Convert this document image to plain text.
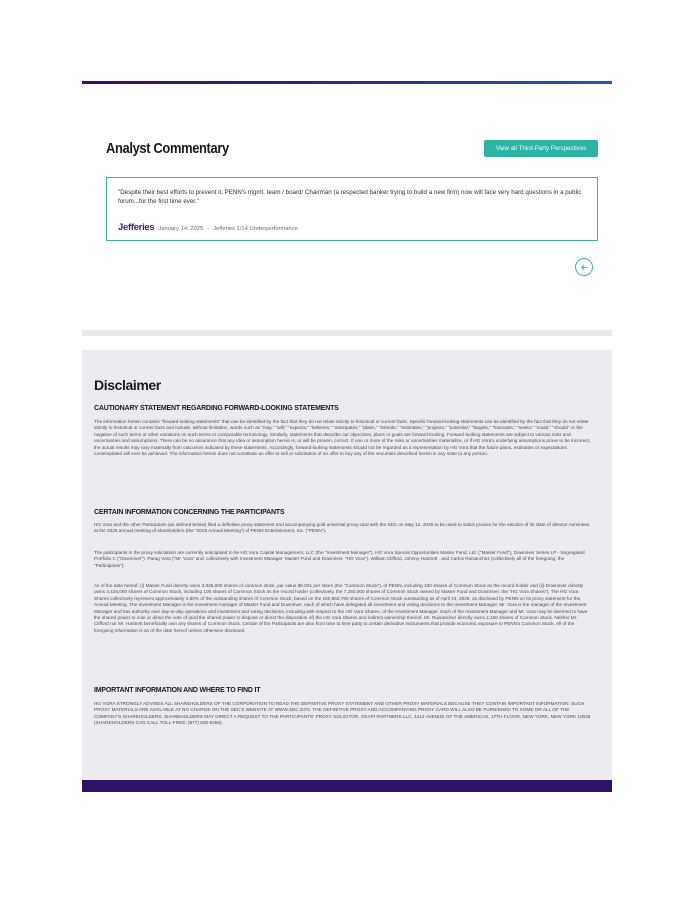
Analyst Commentary	View all Third-Party Perspectives

"Despite their best efforts to prevent it, PENN's mgmt. team / board/ Chairman (a respected banker trying to build a new firm) now will face very hard questions in a public forum...for the first time ever."

Jefferies January 14, 2025 - Jefferies 1/14 Underperformance
Disclaimer
CAUTIONARY STATEMENT REGARDING FORWARD-LOOKING STATEMENTS

The information herein contains "forward-looking statements" that can be identified by the fact that they do not relate strictly to historical or current facts. Specific forward-looking statements can be identified by the fact that they do not relate strictly to historical or current facts and include, without limitation, words such as "may," "will," "expects," "believes," "anticipates," "plans," "intends," "estimates," "projects," "potential," "targets," "forecasts," "seeks," "could," "should" or the negative of such terms or other variations on such terms or comparable terminology. Similarly, statements that describe our objectives, plans or goals are forward-looking. Forward-looking statements are subject to various risks and uncertainties and assumptions. There can be no assurance that any idea or assumption herein is, or will be proven, correct. If one or more of the risks or uncertainties materialize, or if HG Vora's underlying assumptions prove to be incorrect, the actual results may vary materially from outcomes indicated by these statements. Accordingly, forward-looking statements should not be regarded as a representation by HG Vora that the future plans, estimates or expectations contemplated will ever be achieved. The information herein does not constitute an offer to sell or solicitation of an offer to buy any of the securities described herein in any state to any person.

CERTAIN INFORMATION CONCERNING THE PARTICIPANTS

HG Vora and the other Participants (as defined below) filed a definitive proxy statement and accompanying gold universal proxy card with the SEC on May 12, 2025 to be used to solicit proxies for the election of its slate of director nominees at the 2025 annual meeting of shareholders (the "2025 Annual Meeting") of PENN Entertainment, Inc. ("PENN").

The participants in the proxy solicitation are currently anticipated to be HG Vora Capital Management, LLC (the "Investment Manager"), HG Vora Special Opportunities Master Fund, Ltd. ("Master Fund"), Downriver Series LP - Segregated Portfolio C ("Downriver"), Parag Vora ("Mr. Vora" and, collectively with Investment Manager, Master Fund and Downriver, "HG Vora"), William Clifford, Johnny Hartnett , and Carlos Ruisanchez (collectively all of the foregoing, the "Participants").

As of the date hereof, (i) Master Fund directly owns 3,825,000 shares of common stock, par value $0.001 per share (the "Common Stock"), of PENN, including 100 shares of Common Stock as the record holder and (ii) Downriver directly owns 3,425,000 shares of Common Stock, including 100 shares of Common Stock as the record holder (collectively, the 7,250,000 shares of Common Stock owned by Master Fund and Downriver, the "HG Vora Shares"). The HG Vora Shares collectively represent approximately 4.80% of the outstanding shares of Common Stock, based on the 150,852,769 shares of Common Stock outstanding as of April 24, 2025, as disclosed by PENN on its proxy statement for the Annual Meeting. The Investment Manager is the investment manager of Master Fund and Downriver, each of which have delegated all investment and voting decisions to the Investment Manager. Mr. Vora is the manager of the Investment Manager and has authority over day-to-day operations and investment and voting decisions, including with respect to the HG Vora Shares, of the Investment Manager. Each of the Investment Manager and Mr. Vora may be deemed to have the shared power to vote or direct the vote of (and the shared power to dispose or direct the disposition of) the HG Vora Shares and indirect ownership thereof. Mr. Ruisanchez directly owns 2,150 shares of Common Stock. Neither Mr. Clifford nor Mr. Hartnett beneficially own any shares of Common Stock. Certain of the Participants are also from time to time party to certain derivative instruments that provide economic exposure to PENN's Common Stock. All of the foregoing information is as of the date hereof unless otherwise disclosed.

IMPORTANT INFORMATION AND WHERE TO FIND IT

HG VORA STRONGLY ADVISES ALL SHAREHOLDERS OF THE CORPORATION TO READ THE DEFINITIVE PROXY STATEMENT AND OTHER PROXY MATERIALS BECAUSE THEY CONTAIN IMPORTANT INFORMATION. SUCH PROXY MATERIALS ARE AVAILABLE AT NO CHARGE ON THE SEC'S WEBSITE AT WWW.SEC.GOV. THE DEFINITIVE PROXY AND ACCOMPANYING PROXY CARD WILL ALSO BE FURNISHED TO SOME OR ALL OF THE COMPANY'S SHAREHOLDERS. SHAREHOLDERS MAY DIRECT A REQUEST TO THE PARTICIPANTS' PROXY SOLICITOR, OKAPI PARTNERS LLC, 1212 AVENUE OF THE AMERICAS, 17TH FLOOR, NEW YORK, NEW YORK 10036 (SHAREHOLDERS CAN CALL TOLL-FREE: (877) 629-6356).
